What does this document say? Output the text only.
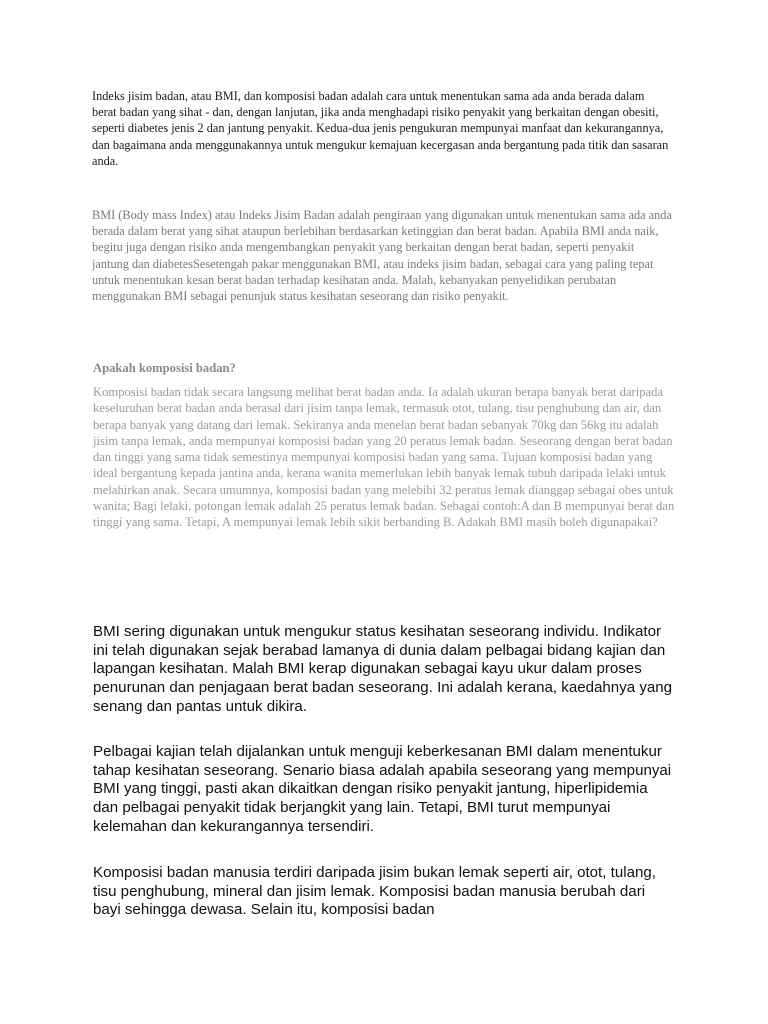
Indeks jisim badan, atau BMI, dan komposisi badan adalah cara untuk menentukan sama ada anda berada dalam berat badan yang sihat - dan, dengan lanjutan, jika anda menghadapi risiko penyakit yang berkaitan dengan obesiti, seperti diabetes jenis 2 dan jantung penyakit. Kedua-dua jenis pengukuran mempunyai manfaat dan kekurangannya, dan bagaimana anda menggunakannya untuk mengukur kemajuan kecergasan anda bergantung pada titik dan sasaran anda.

BMI (Body mass Index) atau Indeks Jisim Badan adalah pengiraan yang digunakan untuk menentukan sama ada anda berada dalam berat yang sihat ataupun berlebihan berdasarkan ketinggian dan berat badan. Apabila BMI anda naik, begitu juga dengan risiko anda mengembangkan penyakit yang berkaitan dengan berat badan, seperti penyakit jantung dan diabetesSesetengah pakar menggunakan BMI, atau indeks jisim badan, sebagai cara yang paling tepat untuk menentukan kesan berat badan terhadap kesihatan anda. Malah, kebanyakan penyelidikan perubatan menggunakan BMI sebagai penunjuk status kesihatan seseorang dan risiko penyakit.

Apakah komposisi badan?

Komposisi badan tidak secara langsung melihat berat badan anda. Ia adalah ukuran berapa banyak berat daripada keseluruhan berat badan anda berasal dari jisim tanpa lemak, termasuk otot, tulang, tisu penghubung dan air, dan berapa banyak yang datang dari lemak. Sekiranya anda menelan berat badan sebanyak 70kg dan 56kg itu adalah jisim tanpa lemak, anda mempunyai komposisi badan yang 20 peratus lemak badan. Seseorang dengan berat badan dan tinggi yang sama tidak semestinya mempunyai komposisi badan yang sama. Tujuan komposisi badan yang ideal bergantung kepada jantina anda, kerana wanita memerlukan lebih banyak lemak tubuh daripada lelaki untuk melahirkan anak. Secara umumnya, komposisi badan yang melebihi 32 peratus lemak dianggap sebagai obes untuk wanita; Bagi lelaki, potongan lemak adalah 25 peratus lemak badan. Sebagai contoh:A dan B mempunyai berat dan tinggi yang sama. Tetapi, A mempunyai lemak lebih sikit berbanding B. Adakah BMI masih boleh digunapakai?

BMI sering digunakan untuk mengukur status kesihatan seseorang individu. Indikator ini telah digunakan sejak berabad lamanya di dunia dalam pelbagai bidang kajian dan lapangan kesihatan. Malah BMI kerap digunakan sebagai kayu ukur dalam proses penurunan dan penjagaan berat badan seseorang. Ini adalah kerana, kaedahnya yang senang dan pantas untuk dikira.

Pelbagai kajian telah dijalankan untuk menguji keberkesanan BMI dalam menentukur tahap kesihatan seseorang. Senario biasa adalah apabila seseorang yang mempunyai BMI yang tinggi, pasti akan dikaitkan dengan risiko penyakit jantung, hiperlipidemia dan pelbagai penyakit tidak berjangkit yang lain. Tetapi, BMI turut mempunyai kelemahan dan kekurangannya tersendiri.

Komposisi badan manusia terdiri daripada jisim bukan lemak seperti air, otot, tulang, tisu penghubung, mineral dan jisim lemak. Komposisi badan manusia berubah dari bayi sehingga dewasa. Selain itu, komposisi badan
